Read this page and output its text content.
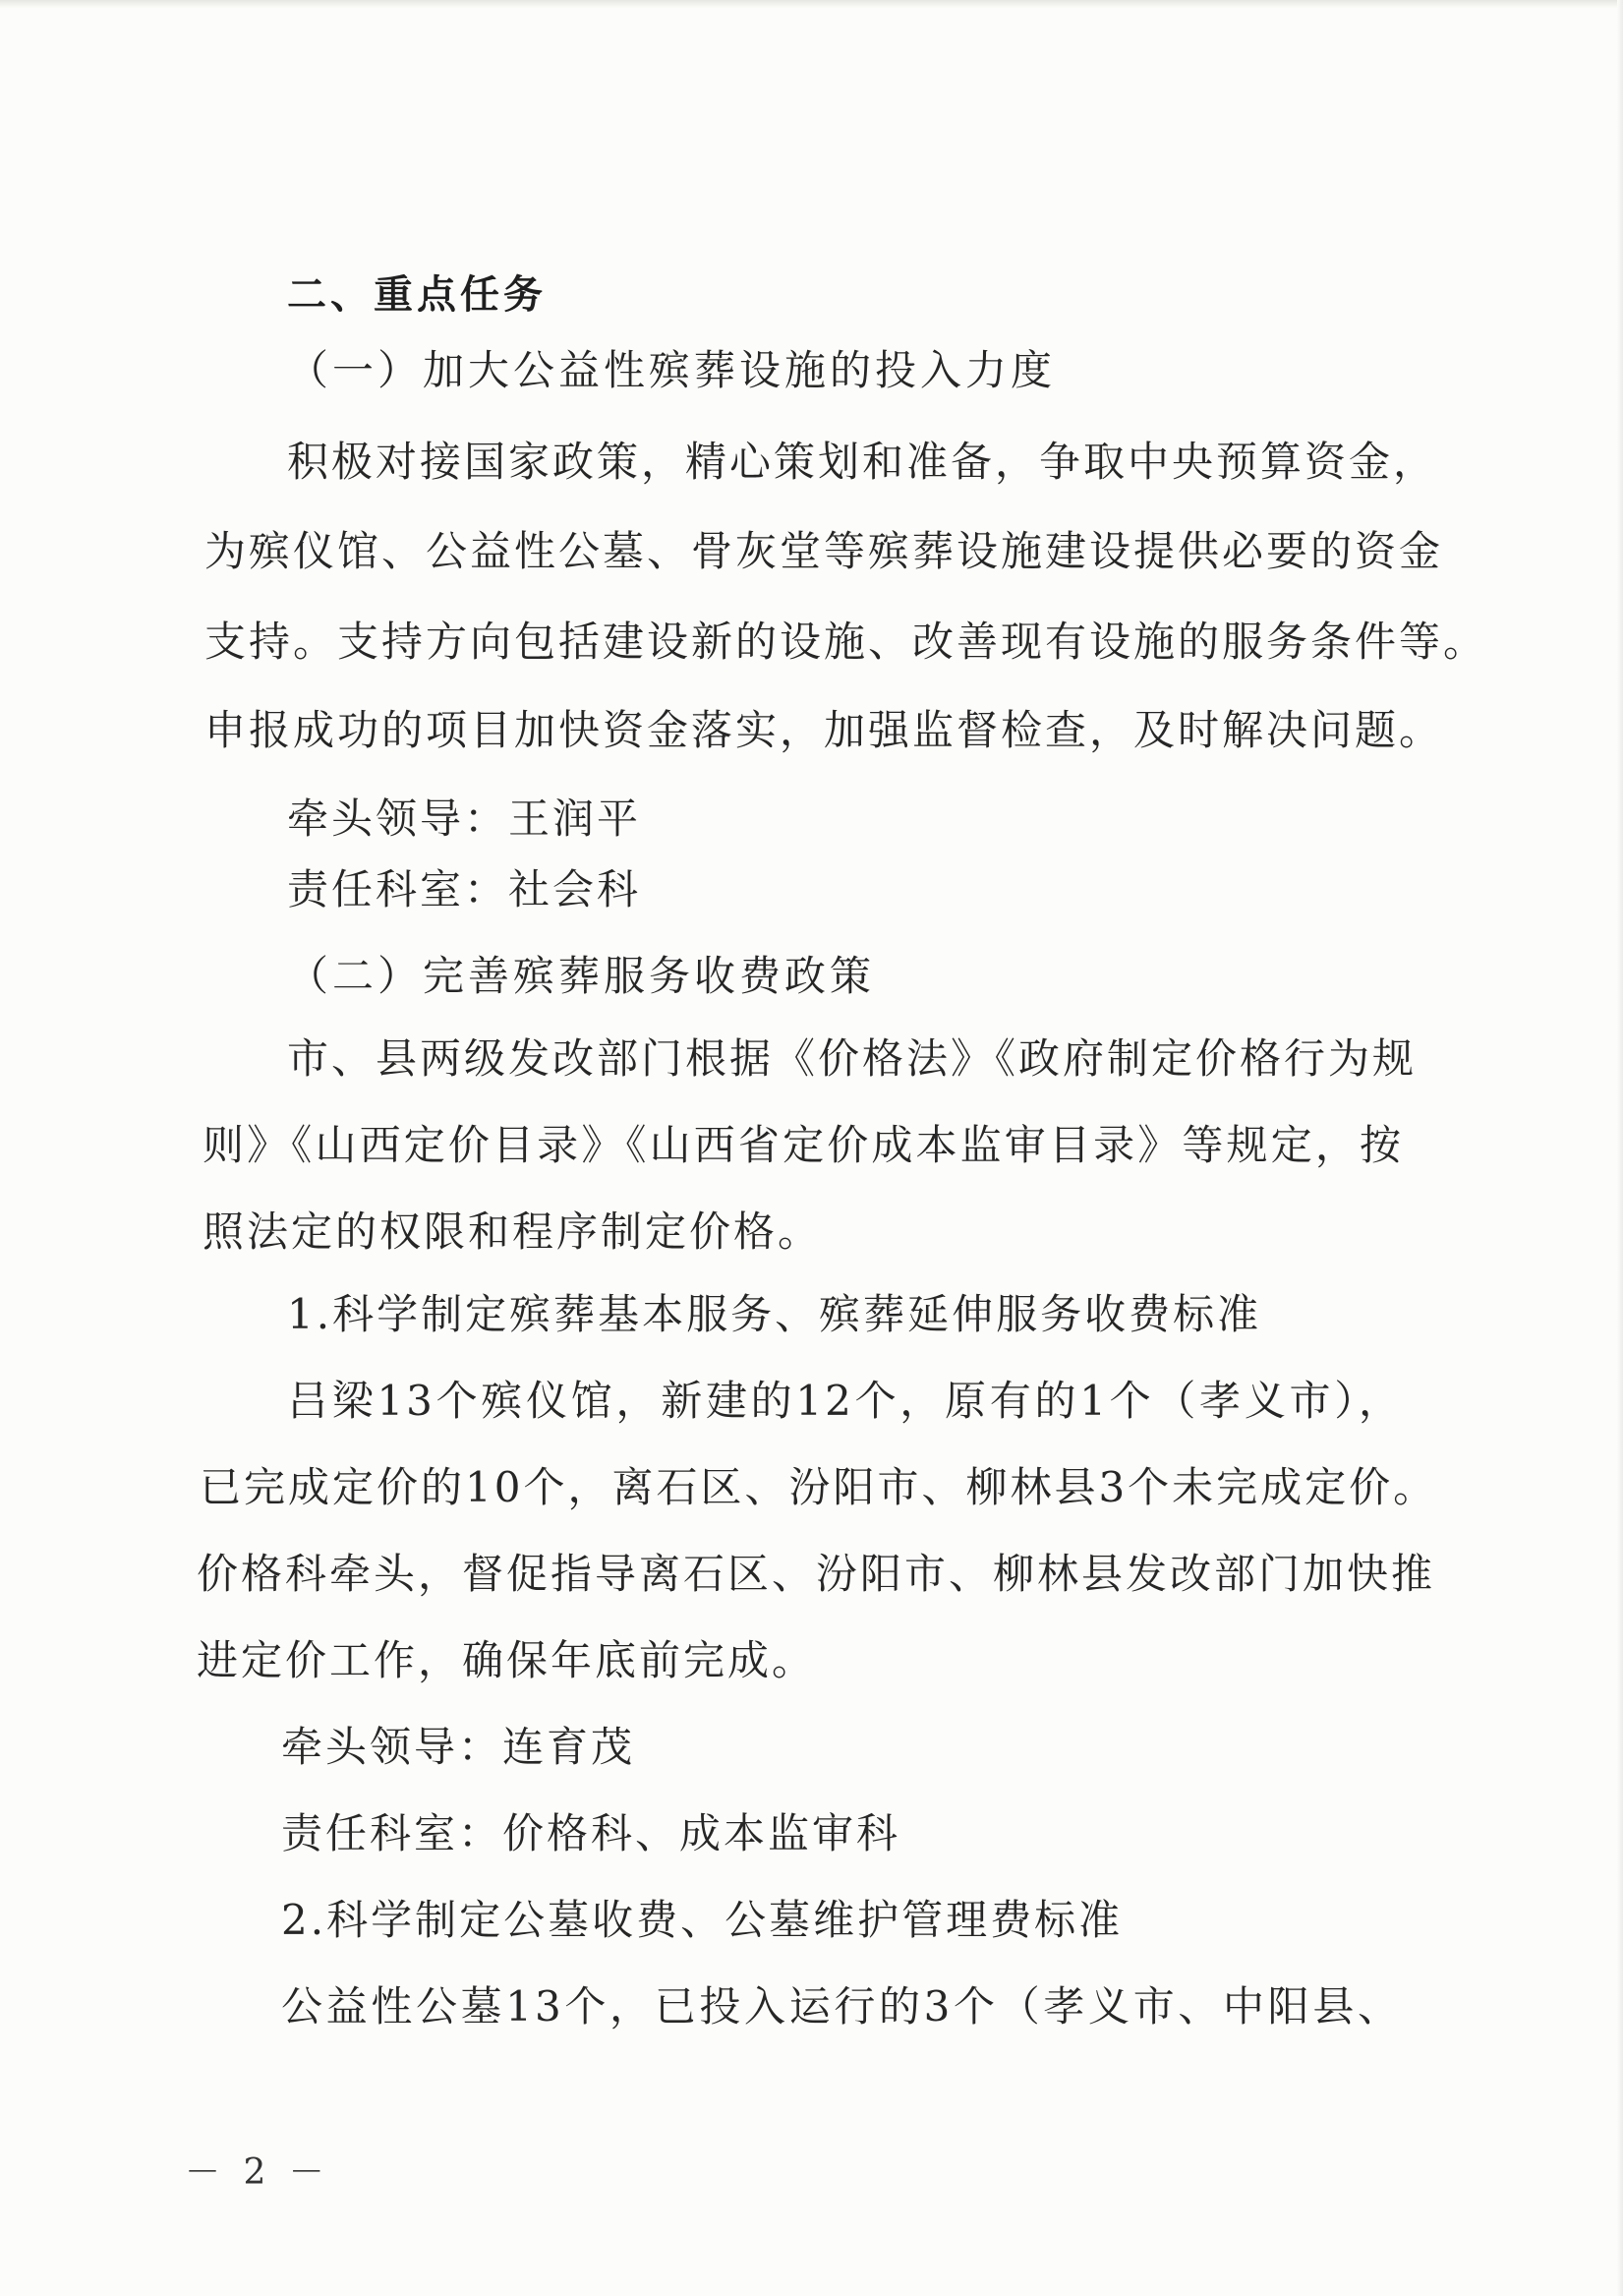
二、重点任务
（一）加大公益性殡葬设施的投入力度
积极对接国家政策，精心策划和准备，争取中央预算资金，
为殡仪馆、公益性公墓、骨灰堂等殡葬设施建设提供必要的资金
支持。支持方向包括建设新的设施、改善现有设施的服务条件等。
申报成功的项目加快资金落实，加强监督检查，及时解决问题。
牵头领导：王润平
责任科室：社会科
（二）完善殡葬服务收费政策
市、县两级发改部门根据《价格法》《政府制定价格行为规
则》《山西定价目录》《山西省定价成本监审目录》等规定，按
照法定的权限和程序制定价格。
1.科学制定殡葬基本服务、殡葬延伸服务收费标准
吕梁13个殡仪馆，新建的12个，原有的1个（孝义市），
已完成定价的10个，离石区、汾阳市、柳林县3个未完成定价。
价格科牵头，督促指导离石区、汾阳市、柳林县发改部门加快推
进定价工作，确保年底前完成。
牵头领导：连育茂
责任科室：价格科、成本监审科
2.科学制定公墓收费、公墓维护管理费标准
公益性公墓13个，已投入运行的3个（孝义市、中阳县、
－ 2 －
